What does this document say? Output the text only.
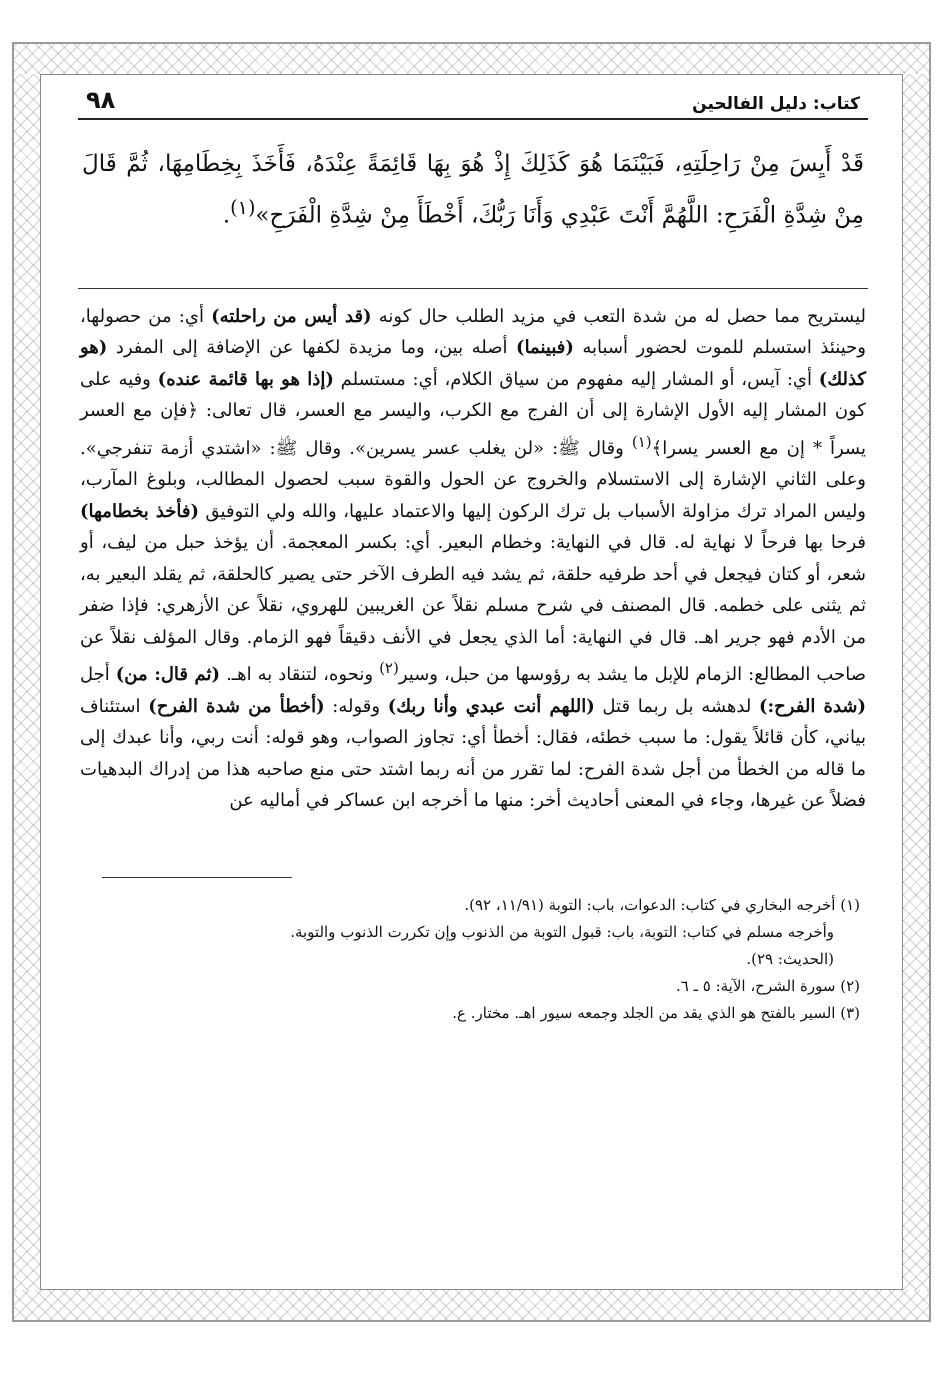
كتاب: دليل الفالحين
٩٨
قَدْ أَيِسَ مِنْ رَاحِلَتِهِ، فَبَيْنَمَا هُوَ كَذَلِكَ إِذْ هُوَ بِهَا قَائِمَةً عِنْدَهُ، فَأَخَذَ بِخِطَامِهَا، ثُمَّ قَالَ مِنْ شِدَّةِ الْفَرَحِ: اللَّهُمَّ أَنْتَ عَبْدِي وَأَنَا رَبُّكَ، أَخْطَأَ مِنْ شِدَّةِ الْفَرَحِ»$^{(١)}$.
ليستريح مما حصل له من شدة التعب في مزيد الطلب حال كونه (قد أيس من راحلته) أي: من حصولها، وحينئذ استسلم للموت لحضور أسبابه (فبينما) أصله بين، وما مزيدة لكفها عن الإضافة إلى المفرد (هو كذلك) أي: آيس، أو المشار إليه مفهوم من سياق الكلام، أي: مستسلم (إذا هو بها قائمة عنده) وفيه على كون المشار إليه الأول الإشارة إلى أن الفرج مع الكرب، واليسر مع العسر، قال تعالى: ﴿فإن مع العسر يسراً * إن مع العسر يسرا﴾$^{(١)}$ وقال ﷺ: «لن يغلب عسر يسرين». وقال ﷺ: «اشتدي أزمة تنفرجي». وعلى الثاني الإشارة إلى الاستسلام والخروج عن الحول والقوة سبب لحصول المطالب، وبلوغ المآرب، وليس المراد ترك مزاولة الأسباب بل ترك الركون إليها والاعتماد عليها، والله ولي التوفيق (فأخذ بخطامها) فرحا بها فرحاً لا نهاية له. قال في النهاية: وخطام البعير. أي: بكسر المعجمة. أن يؤخذ حبل من ليف، أو شعر، أو كتان فيجعل في أحد طرفيه حلقة، ثم يشد فيه الطرف الآخر حتى يصير كالحلقة، ثم يقلد البعير به، ثم يثنى على خطمه. قال المصنف في شرح مسلم نقلاً عن الغريبين للهروي، نقلاً عن الأزهري: فإذا ضفر من الأدم فهو جرير اهـ. قال في النهاية: أما الذي يجعل في الأنف دقيقاً فهو الزمام. وقال المؤلف نقلاً عن صاحب المطالع: الزمام للإبل ما يشد به رؤوسها من حبل، وسير$^{(٢)}$ ونحوه، لتنقاد به اهـ. (ثم قال: من) أجل (شدة الفرح:) لدهشه بل ربما قتل (اللهم أنت عبدي وأنا ربك) وقوله: (أخطأ من شدة الفرح) استئناف بياني، كأن قائلاً يقول: ما سبب خطئه، فقال: أخطأ أي: تجاوز الصواب، وهو قوله: أنت ربي، وأنا عبدك إلى ما قاله من الخطأ من أجل شدة الفرح: لما تقرر من أنه ربما اشتد حتى منع صاحبه هذا من إدراك البدهيات فضلاً عن غيرها، وجاء في المعنى أحاديث أخر: منها ما أخرجه ابن عساكر في أماليه عن

(١) أخرجه البخاري في كتاب: الدعوات، باب: التوبة (١١/٩١، ٩٢).

وأخرجه مسلم في كتاب: التوبة، باب: قبول التوبة من الذنوب وإن تكررت الذنوب والتوبة.

(الحديث: ٢٩).

(٢) سورة الشرح، الآية: ٥ ـ ٦.

(٣) السير بالفتح هو الذي يقد من الجلد وجمعه سيور اهـ. مختار. ع.
